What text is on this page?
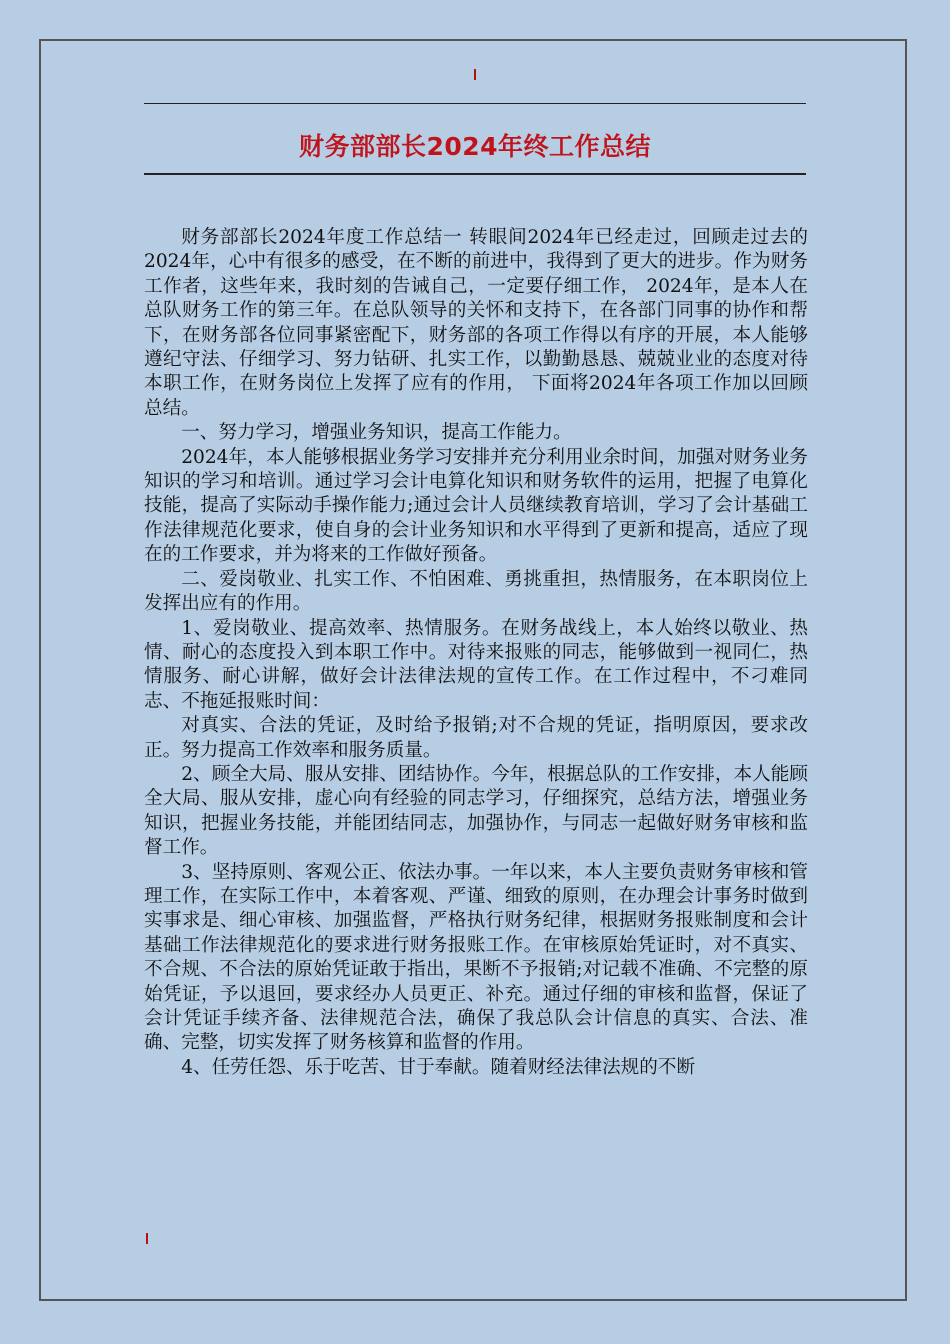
财务部部长2024年终工作总结

财务部部长2024年度工作总结一 转眼间2024年已经走过，回顾走过去的2024年，心中有很多的感受，在不断的前进中，我得到了更大的进步。作为财务工作者，这些年来，我时刻的告诫自己，一定要仔细工作， 2024年，是本人在总队财务工作的第三年。在总队领导的关怀和支持下，在各部门同事的协作和帮下，在财务部各位同事紧密配下，财务部的各项工作得以有序的开展，本人能够遵纪守法、仔细学习、努力钻研、扎实工作，以勤勤恳恳、兢兢业业的态度对待本职工作，在财务岗位上发挥了应有的作用， 下面将2024年各项工作加以回顾总结。

一、努力学习，增强业务知识，提高工作能力。

2024年，本人能够根据业务学习安排并充分利用业余时间，加强对财务业务知识的学习和培训。通过学习会计电算化知识和财务软件的运用，把握了电算化技能，提高了实际动手操作能力;通过会计人员继续教育培训，学习了会计基础工作法律规范化要求，使自身的会计业务知识和水平得到了更新和提高，适应了现在的工作要求，并为将来的工作做好预备。

二、爱岗敬业、扎实工作、不怕困难、勇挑重担，热情服务，在本职岗位上发挥出应有的作用。

1、爱岗敬业、提高效率、热情服务。在财务战线上，本人始终以敬业、热情、耐心的态度投入到本职工作中。对待来报账的同志，能够做到一视同仁，热情服务、耐心讲解，做好会计法律法规的宣传工作。在工作过程中，不刁难同志、不拖延报账时间：

对真实、合法的凭证，及时给予报销;对不合规的凭证，指明原因，要求改正。努力提高工作效率和服务质量。

2、顾全大局、服从安排、团结协作。今年，根据总队的工作安排，本人能顾全大局、服从安排，虚心向有经验的同志学习，仔细探究，总结方法，增强业务知识，把握业务技能，并能团结同志，加强协作，与同志一起做好财务审核和监督工作。

3、坚持原则、客观公正、依法办事。一年以来，本人主要负责财务审核和管理工作，在实际工作中，本着客观、严谨、细致的原则，在办理会计事务时做到实事求是、细心审核、加强监督，严格执行财务纪律，根据财务报账制度和会计基础工作法律规范化的要求进行财务报账工作。在审核原始凭证时，对不真实、不合规、不合法的原始凭证敢于指出，果断不予报销;对记载不准确、不完整的原始凭证，予以退回，要求经办人员更正、补充。通过仔细的审核和监督，保证了会计凭证手续齐备、法律规范合法，确保了我总队会计信息的真实、合法、准确、完整，切实发挥了财务核算和监督的作用。

4、任劳任怨、乐于吃苦、甘于奉献。随着财经法律法规的不断
